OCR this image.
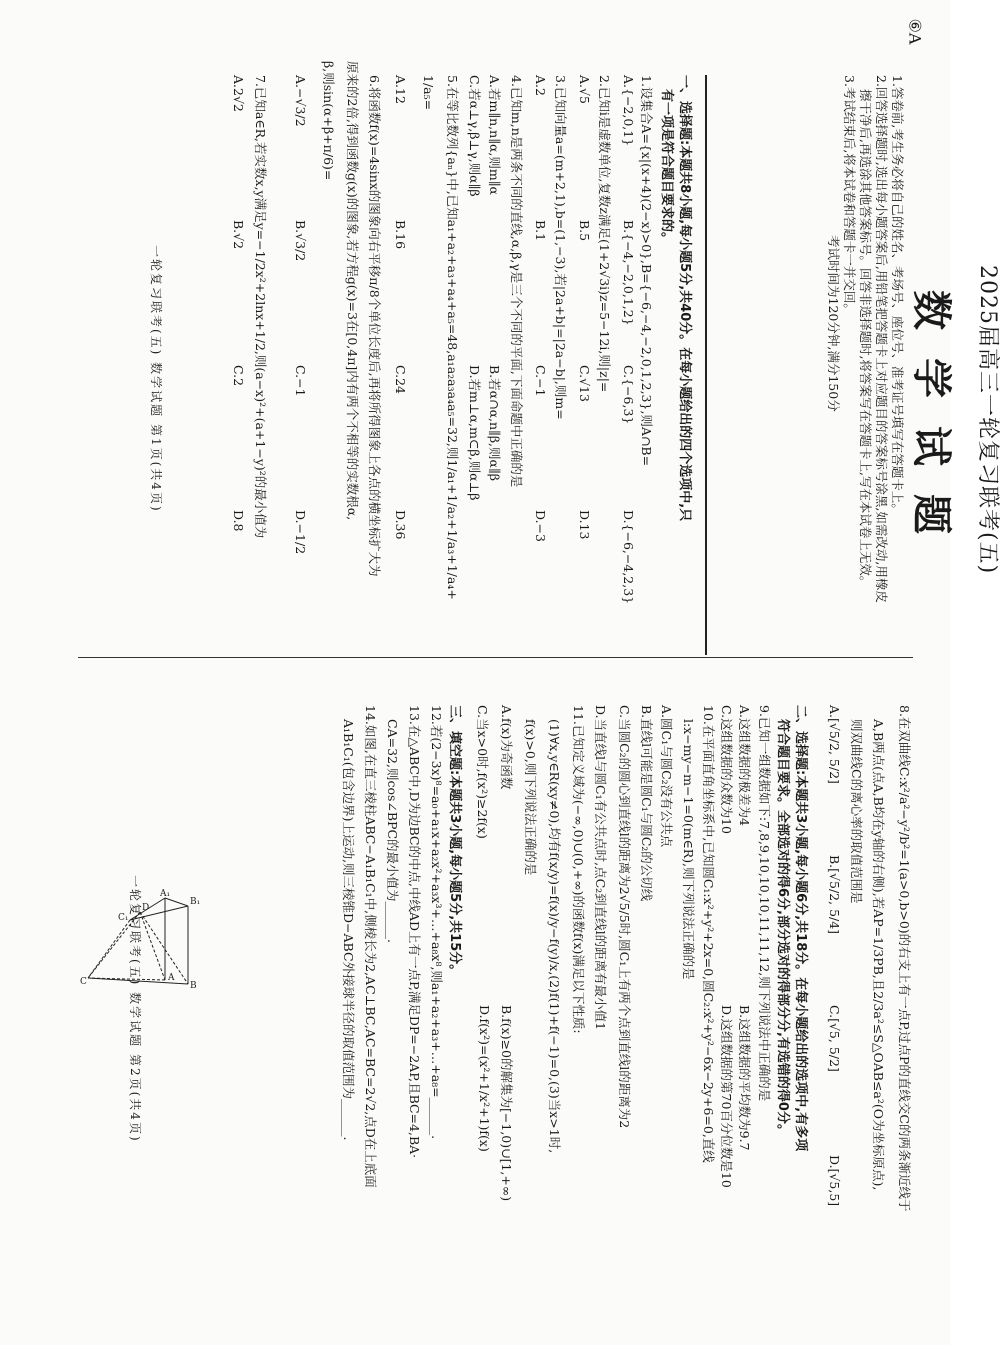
⑥A
1.答卷前,考生务必将自己的姓名、考场号、座位号、准考证号填写在答题卡上。
2.回答选择题时,选出每小题答案后,用铅笔把答题卡上对应题目的答案标号涂黑,如需改动,用橡皮
擦干净后,再选涂其他答案标号。回答非选择题时,将答案写在答题卡上,写在本试卷上无效。
3.考试结束后,将本试卷和答题卡一并交回。
考试时间为120分钟,满分150分	2025届高三一轮复习联考(五)
数学试题
一、选择题:本题共8小题,每小题5分,共40分。在每小题给出的四个选项中,只
有一项是符合题目要求的。
1.设集合A={x|(x+4)(2−x)>0},B={−6,−4,−2,0,1,2,3},则A∩B=
A.{−2,0,1}
B.{−4,−2,0,1,2}
C.{−6,3}
D.{−6,−4,2,3}
2.已知i是虚数单位,复数z满足(1+2√3i)z=5−12i,则|z|=
A.√5
B.5
C.√13
D.13
3.已知向量a=(m+2,1),b=(1,−3),若|2a+b|=|2a−b|,则m=
A.2
B.1
C.−1
D.−3
4.已知m,n是两条不同的直线,α,β,γ是三个不同的平面,下面命题中正确的是
A.若m∥n,n∥α,则m∥α
B.若α∩α,n∥β,则α∥β
C.若α⊥γ,β⊥γ,则α∥β
D.若m⊥α,m⊂β,则α⊥β
5.在等比数列{aₙ}中,已知a₁+a₂+a₃+a₄+a₅=48,a₁a₂a₃a₄a₅=32,则1/a₁+1/a₂+1/a₃+1/a₄+
1/a₅=
A.12
B.16
C.24
D.36
6.将函数f(x)=4sinx的图象向右平移π/8个单位长度后,再将所得图象上各点的横坐标扩大为
原来的2倍,得到函数g(x)的图象,若方程g(x)=3在[0,4π]内有两个不相等的实数根α,
β,则sin(α+β+π/6)=
A.−√3/2
B.√3/2
C.−1
D.−1/2
7.已知a∈R,若实数x,y满足y=−1/2x²+2lnx+1/2,则(a−x)²+(a+1−y)²的最小值为
A.2√2
B.√2
C.2
D.8
一轮复习联考(五) 数学试题 第1页(共4页)
8.在双曲线C:x²/a²−y²/b²=1(a>0,b>0)的右支上有一点P,过点P的直线交C的两条渐近线于
A,B两点(点A,B均在y轴的右侧),若AP=1/3PB,且2/3a²≤S△OAB≤a²(O为坐标原点),
则双曲线C的离心率的取值范围是
A.[√5/2, 5/2]
B.[√5/2, 5/4]
C.[√5, 5/2]
D.[√5,5]
二、选择题:本题共3小题,每小题6分,共18分。在每小题给出的选项中,有多项
符合题目要求。全部选对的得6分,部分选对的得部分分,有选错的得0分。
9.已知一组数据如下:7,8,9,10,10,10,11,11,12,则下列说法中正确的是
A.这组数据的极差为4
B.这组数据的平均数为9.7
C.这组数据的众数为10
D.这组数据的第70百分位数是10
10.在平面直角坐标系中,已知圆C₁:x²+y²+2x=0,圆C₂:x²+y²−6x−2y+6=0,直线
l:x−my−m−1=0(m∈R),则下列说法正确的是
A.圆C₁与圆C₂没有公共点
B.直线l可能是圆C₁与圆C₂的公切线
C.当圆C₂的圆心到直线l的距离为2√5/5时,圆C₁上有两个点到直线l的距离为2
D.当直线l与圆C₁有公共点时,点C₂到直线l的距离有最小值1
11.已知定义域为(−∞,0)∪(0,+∞)的函数f(x)满足以下性质:
(1)∀x,y∈R(xy≠0),均有f(x/y)=f(x)/y−f(y)/x,(2)f(1)+f(−1)=0,(3)当x>1时,
f(x)>0,则下列说法正确的是
A.f(x)为奇函数
B.f(x)≥0的解集为[−1,0)∪[1,+∞)
C.当x>0时,f(x²)≥2f(x)
D.f(x²)=(x²+1/x²+1)f(x)
三、填空题:本题共3小题,每小题5分,共15分。
12.若(2−3x)⁸=a₀+a₁x+a₂x²+a₃x³+…+a₈x⁸,则a₁+a₂+a₃+…+a₈=______.
13.在△ABC中,D为边BC的中点,中线AD上有一点P,满足DP=−2AP,且BC=4,BA·
CA=32,则cos∠BPC的最小值为______.
14.如图,在直三棱柱ABC−A₁B₁C₁中,侧棱长为2,AC⊥BC,AC=BC=2√2,点D在上底面
A₁B₁C₁(包含边界)上运动,则三棱锥D−ABC外接球半径的取值范围为______.
一轮复习联考(五) 数学试题 第2页(共4页) A₁
B₁
C₁
D
A
B
C
